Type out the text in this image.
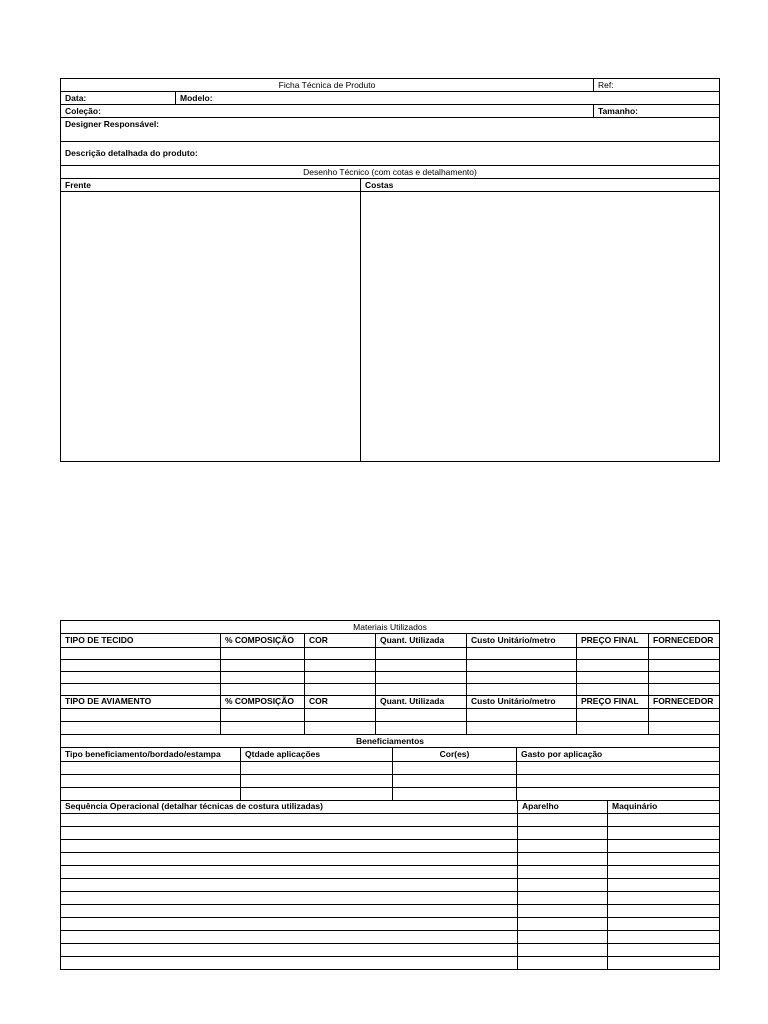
Ficha Técnica de Produto		Ref:
Data:	Modelo:	
Coleção:		Tamanho:
Designer Responsável:		
Descrição detalhada do produto:		
Desenho Técnico (com cotas e detalhamento)	
Frente	Costas

Materiais Utilizados						
TIPO DE TECIDO	% COMPOSIÇÃO	COR	Quant. Utilizada	Custo Unitário/metro	PREÇO FINAL	FORNECEDOR

TIPO DE AVIAMENTO	% COMPOSIÇÃO	COR	Quant. Utilizada	Custo Unitário/metro	PREÇO FINAL	FORNECEDOR

Beneficiamentos						
Tipo beneficiamento/bordado/estampa	Qtdade aplicações	Cor(es)	Gasto por aplicação

Sequência Operacional (detalhar técnicas de costura utilizadas)	Aparelho	Maquinário
